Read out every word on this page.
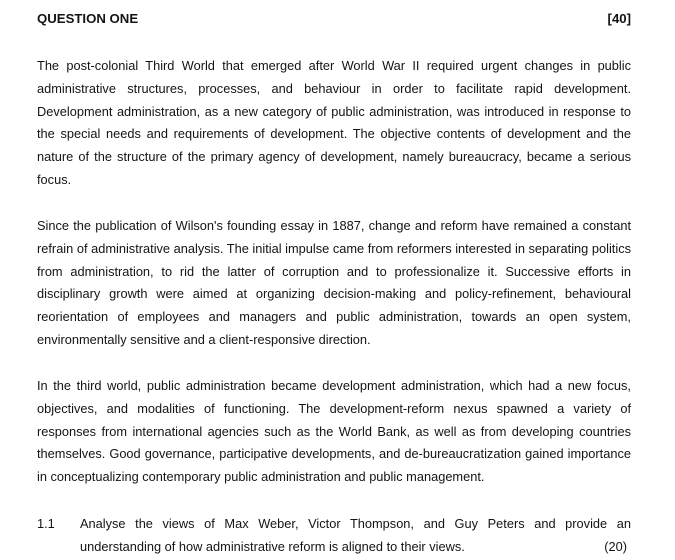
QUESTION ONE	[40]

The post-colonial Third World that emerged after World War II required urgent changes in public administrative structures, processes, and behaviour in order to facilitate rapid development. Development administration, as a new category of public administration, was introduced in response to the special needs and requirements of development. The objective contents of development and the nature of the structure of the primary agency of development, namely bureaucracy, became a serious focus.

Since the publication of Wilson's founding essay in 1887, change and reform have remained a constant refrain of administrative analysis. The initial impulse came from reformers interested in separating politics from administration, to rid the latter of corruption and to professionalize it. Successive efforts in disciplinary growth were aimed at organizing decision-making and policy-refinement, behavioural reorientation of employees and managers and public administration, towards an open system, environmentally sensitive and a client-responsive direction.

In the third world, public administration became development administration, which had a new focus, objectives, and modalities of functioning. The development-reform nexus spawned a variety of responses from international agencies such as the World Bank, as well as from developing countries themselves. Good governance, participative developments, and de-bureaucratization gained importance in conceptualizing contemporary public administration and public management.

1.1 Analyse the views of Max Weber, Victor Thompson, and Guy Peters and provide an understanding of how administrative reform is aligned to their views.	(20)
